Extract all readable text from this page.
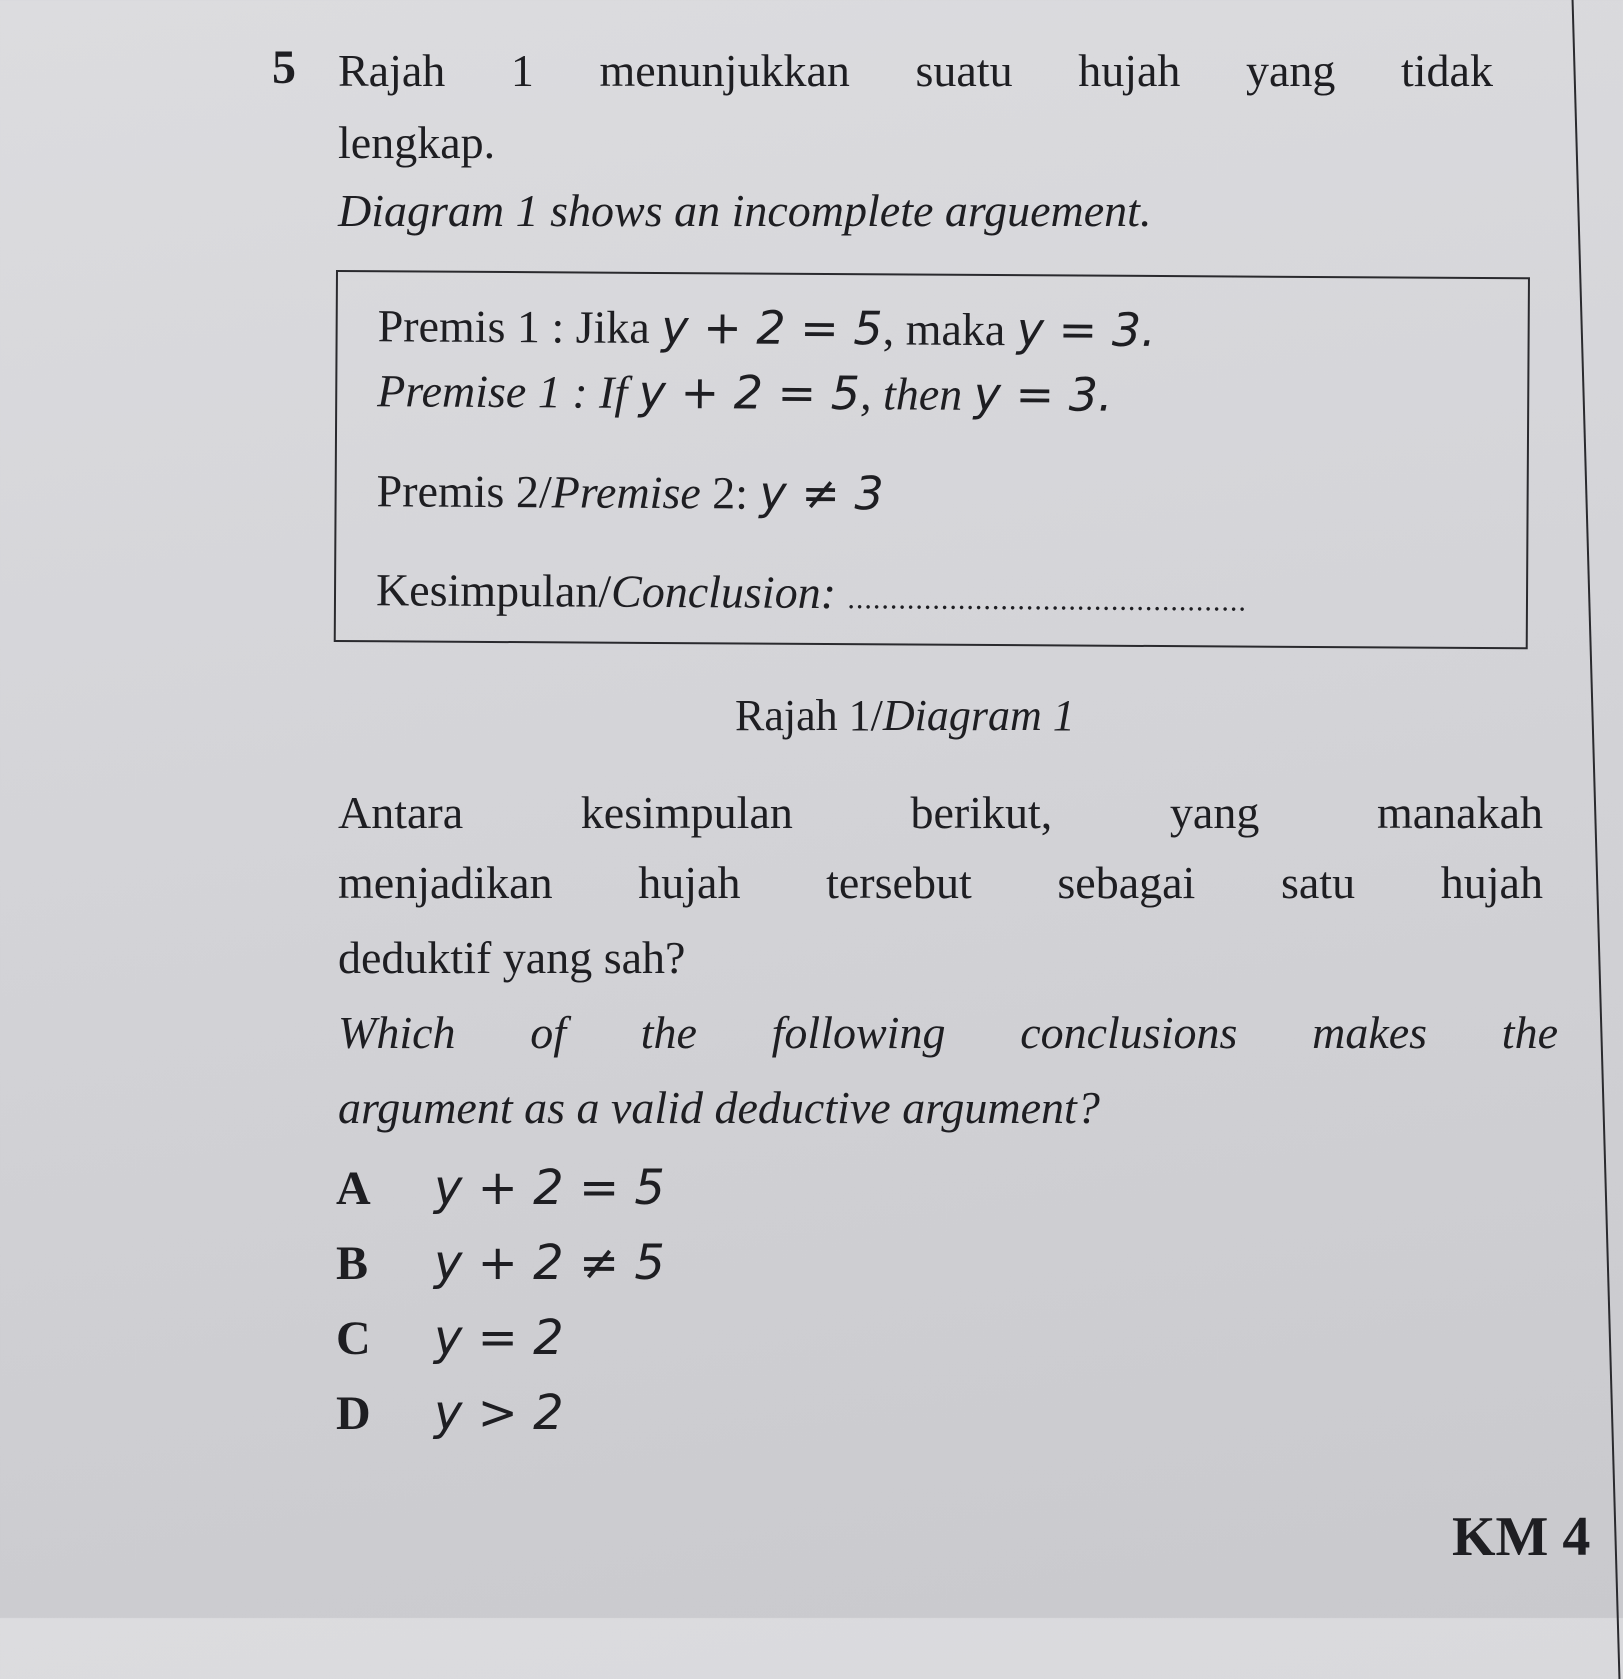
5 Rajah 1 menunjukkan suatu hujah yang tidak
lengkap.
Diagram 1 shows an incomplete arguement.
Premis 1 : Jika y + 2 = 5, maka y = 3.
Premise 1 : If y + 2 = 5, then y = 3.
Premis 2/Premise 2: y ≠ 3
Kesimpulan/Conclusion: ...............................................
Rajah 1/Diagram 1
Antara	kesimpulan	berikut,	yang	manakah
menjadikan hujah tersebut sebagai satu hujah
deduktif yang sah?
Which of the following conclusions makes the
argument as a valid deductive argument?
A	y + 2 = 5
B	y + 2 ≠ 5
C	y = 2
D	y > 2
KM 4
